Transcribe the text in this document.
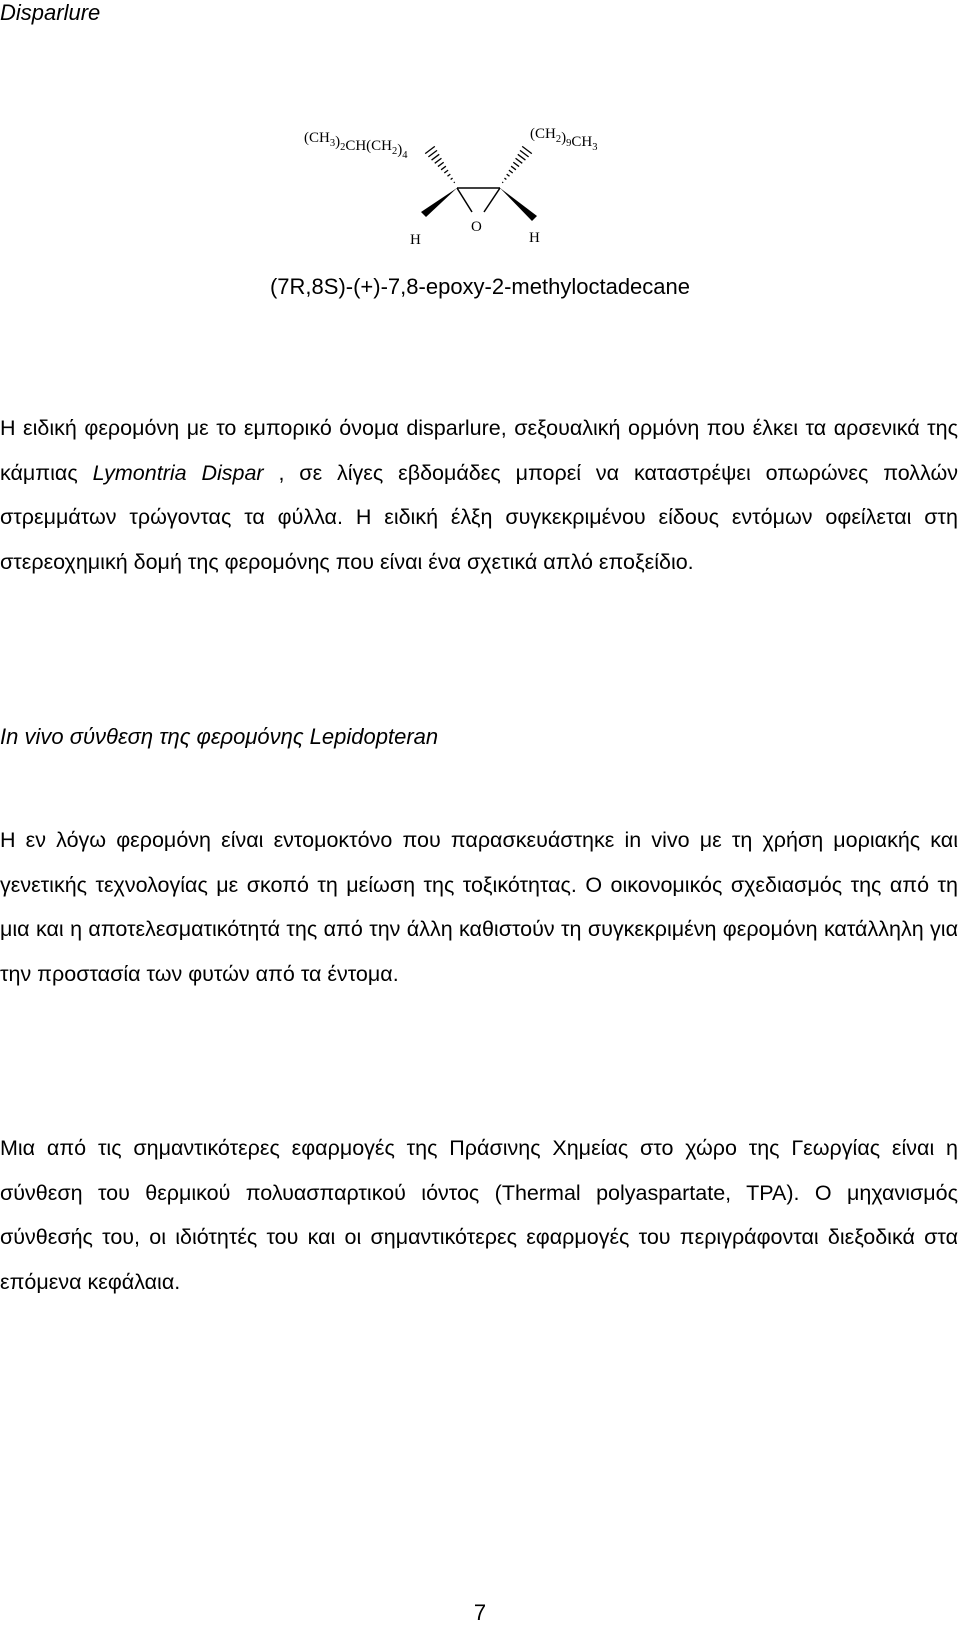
Disparlure
$(CH_3)_2CH(CH_2)_4$
$(CH_2)_9CH_3$
O
H	H
(7R,8S)-(+)-7,8-epoxy-2-methyloctadecane

Η ειδική φερομόνη με το εμπορικό όνομα disparlure, σεξουαλική ορμόνη που έλκει τα αρσενικά της κάμπιας Lymontria Dispar , σε λίγες εβδομάδες μπορεί να καταστρέψει οπωρώνες πολλών στρεμμάτων τρώγοντας τα φύλλα. Η ειδική έλξη συγκεκριμένου είδους εντόμων οφείλεται στη στερεοχημική δομή της φερομόνης που είναι ένα σχετικά απλό εποξείδιο.

In vivo σύνθεση της φερομόνης Lepidopteran

Η εν λόγω φερομόνη είναι εντομοκτόνο που παρασκευάστηκε in vivo με τη χρήση μοριακής και γενετικής τεχνολογίας με σκοπό τη μείωση της τοξικότητας. Ο οικονομικός σχεδιασμός της από τη μια και η αποτελεσματικότητά της από την άλλη καθιστούν τη συγκεκριμένη φερομόνη κατάλληλη για την προστασία των φυτών από τα έντομα.

Μια από τις σημαντικότερες εφαρμογές της Πράσινης Χημείας στο χώρο της Γεωργίας είναι η σύνθεση του θερμικού πολυασπαρτικού ιόντος (Thermal polyaspartate, TPA). Ο μηχανισμός σύνθεσής του, οι ιδιότητές του και οι σημαντικότερες εφαρμογές του περιγράφονται διεξοδικά στα επόμενα κεφάλαια.

7
